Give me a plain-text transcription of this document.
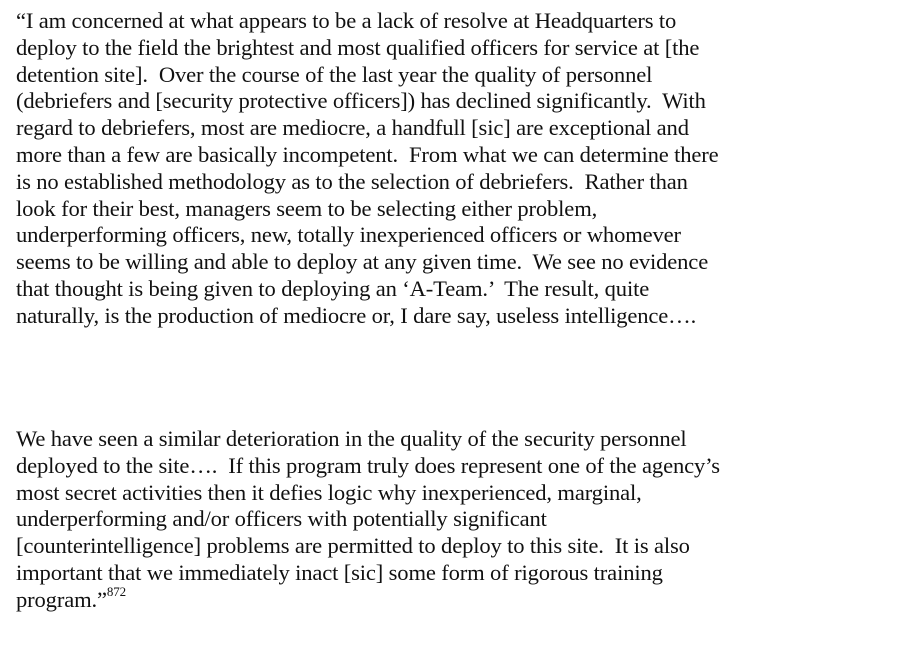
“I am concerned at what appears to be a lack of resolve at Headquarters to
deploy to the field the brightest and most qualified officers for service at [the
detention site].  Over the course of the last year the quality of personnel
(debriefers and [security protective officers]) has declined significantly.  With
regard to debriefers, most are mediocre, a handfull [sic] are exceptional and
more than a few are basically incompetent.  From what we can determine there
is no established methodology as to the selection of debriefers.  Rather than
look for their best, managers seem to be selecting either problem,
underperforming officers, new, totally inexperienced officers or whomever
seems to be willing and able to deploy at any given time.  We see no evidence
that thought is being given to deploying an ‘A-Team.’  The result, quite
naturally, is the production of mediocre or, I dare say, useless intelligence….
We have seen a similar deterioration in the quality of the security personnel
deployed to the site….  If this program truly does represent one of the agency’s
most secret activities then it defies logic why inexperienced, marginal,
underperforming and/or officers with potentially significant
[counterintelligence] problems are permitted to deploy to this site.  It is also
important that we immediately inact [sic] some form of rigorous training
program.”$^{872}$
